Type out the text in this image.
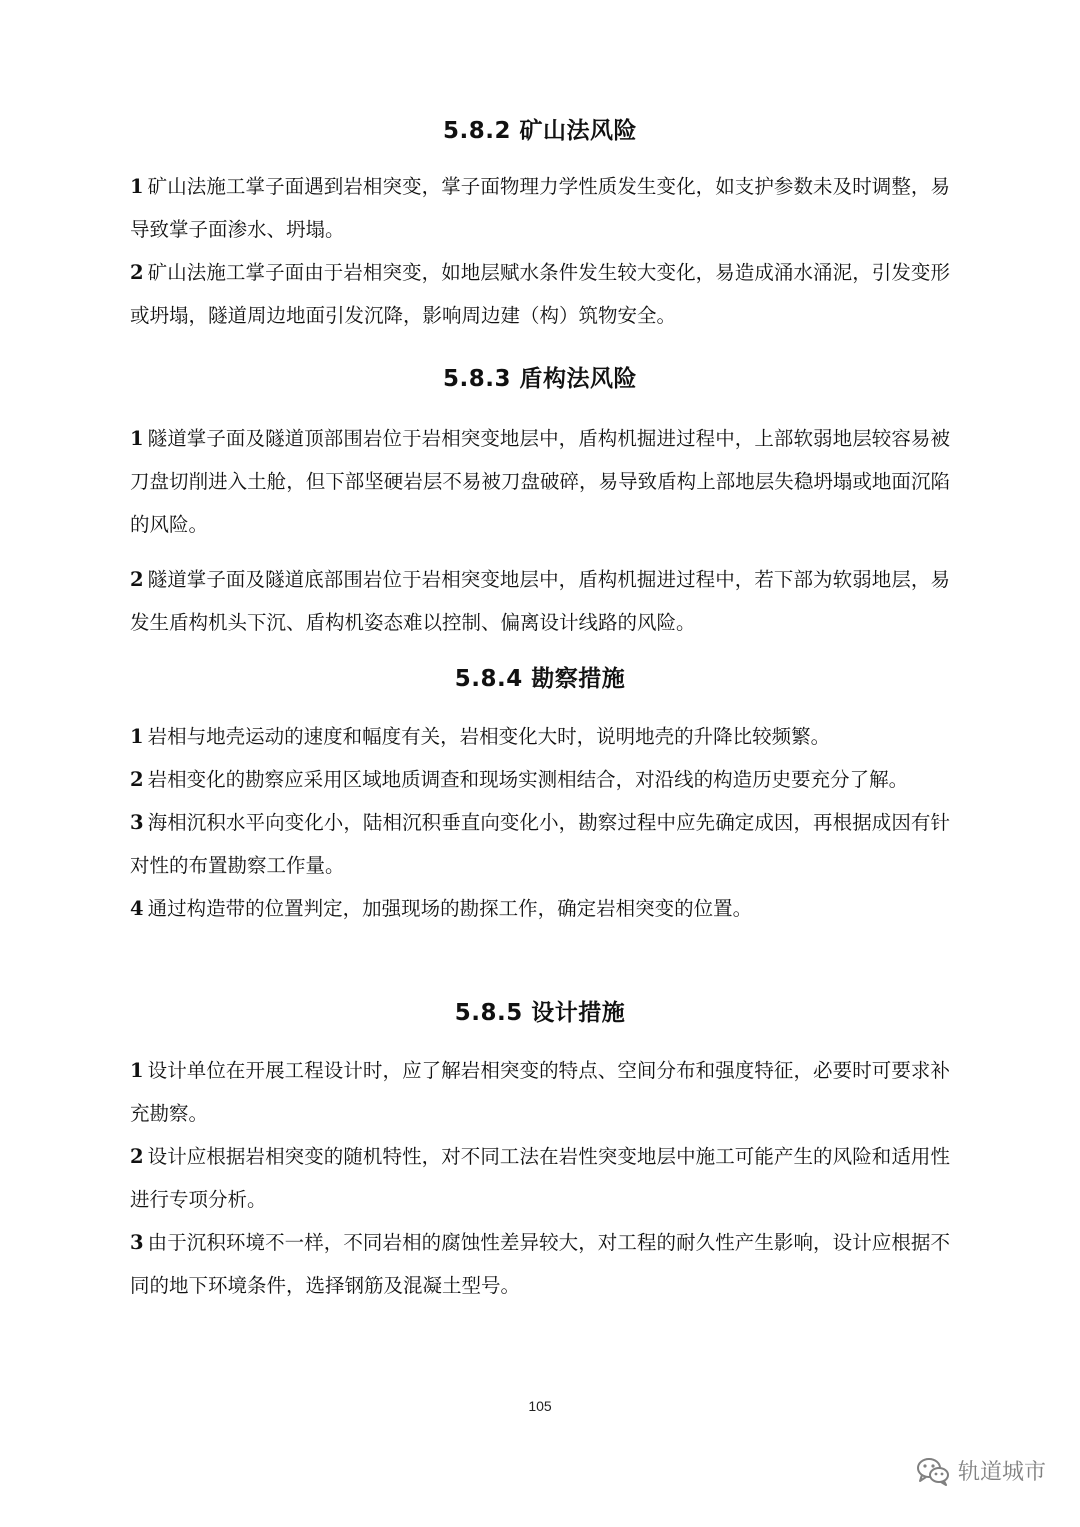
5.8.2 矿山法风险

1 矿山法施工掌子面遇到岩相突变，掌子面物理力学性质发生变化，如支护参数未及时调整，易导致掌子面渗水、坍塌。

2 矿山法施工掌子面由于岩相突变，如地层赋水条件发生较大变化，易造成涌水涌泥，引发变形或坍塌，隧道周边地面引发沉降，影响周边建（构）筑物安全。

5.8.3 盾构法风险

1 隧道掌子面及隧道顶部围岩位于岩相突变地层中，盾构机掘进过程中，上部软弱地层较容易被刀盘切削进入土舱，但下部坚硬岩层不易被刀盘破碎，易导致盾构上部地层失稳坍塌或地面沉陷的风险。

2 隧道掌子面及隧道底部围岩位于岩相突变地层中，盾构机掘进过程中，若下部为软弱地层，易发生盾构机头下沉、盾构机姿态难以控制、偏离设计线路的风险。

5.8.4 勘察措施

1 岩相与地壳运动的速度和幅度有关，岩相变化大时，说明地壳的升降比较频繁。

2 岩相变化的勘察应采用区域地质调查和现场实测相结合，对沿线的构造历史要充分了解。

3 海相沉积水平向变化小，陆相沉积垂直向变化小，勘察过程中应先确定成因，再根据成因有针对性的布置勘察工作量。

4 通过构造带的位置判定，加强现场的勘探工作，确定岩相突变的位置。

5.8.5 设计措施

1 设计单位在开展工程设计时，应了解岩相突变的特点、空间分布和强度特征，必要时可要求补充勘察。

2 设计应根据岩相突变的随机特性，对不同工法在岩性突变地层中施工可能产生的风险和适用性进行专项分析。

3 由于沉积环境不一样，不同岩相的腐蚀性差异较大，对工程的耐久性产生影响，设计应根据不同的地下环境条件，选择钢筋及混凝土型号。

105
轨道城市
